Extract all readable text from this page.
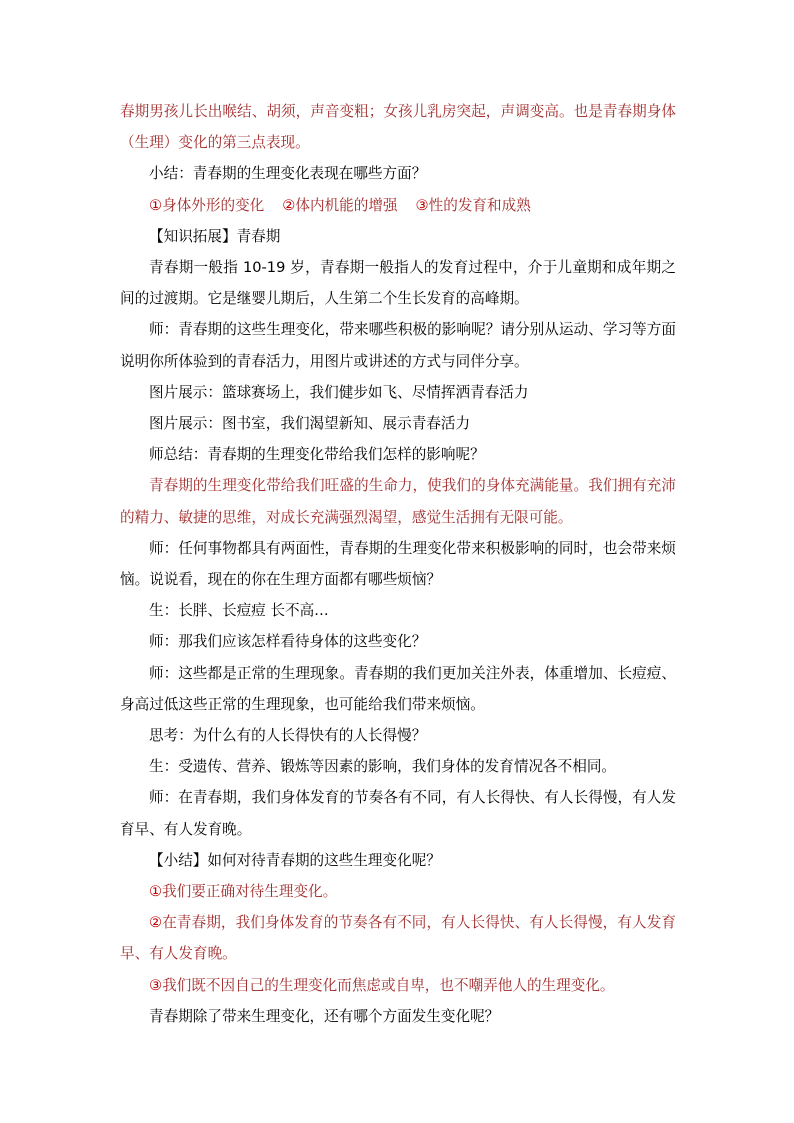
春期男孩儿长出喉结、胡须，声音变粗；女孩儿乳房突起，声调变高。也是青春期身体（生理）变化的第三点表现。

小结：青春期的生理变化表现在哪些方面？

①身体外形的变化 ②体内机能的增强 ③性的发育和成熟

【知识拓展】青春期

青春期一般指 10-19 岁，青春期一般指人的发育过程中，介于儿童期和成年期之间的过渡期。它是继婴儿期后，人生第二个生长发育的高峰期。

师：青春期的这些生理变化，带来哪些积极的影响呢？请分别从运动、学习等方面说明你所体验到的青春活力，用图片或讲述的方式与同伴分享。

图片展示：篮球赛场上，我们健步如飞、尽情挥洒青春活力

图片展示：图书室，我们渴望新知、展示青春活力

师总结：青春期的生理变化带给我们怎样的影响呢？

青春期的生理变化带给我们旺盛的生命力，使我们的身体充满能量。我们拥有充沛的精力、敏捷的思维，对成长充满强烈渴望，感觉生活拥有无限可能。

师：任何事物都具有两面性，青春期的生理变化带来积极影响的同时，也会带来烦恼。说说看，现在的你在生理方面都有哪些烦恼？

生：长胖、长痘痘 长不高…

师：那我们应该怎样看待身体的这些变化？

师：这些都是正常的生理现象。青春期的我们更加关注外表，体重增加、长痘痘、身高过低这些正常的生理现象，也可能给我们带来烦恼。

思考：为什么有的人长得快有的人长得慢？

生：受遗传、营养、锻炼等因素的影响，我们身体的发育情况各不相同。

师：在青春期，我们身体发育的节奏各有不同，有人长得快、有人长得慢，有人发育早、有人发育晚。

【小结】如何对待青春期的这些生理变化呢？

①我们要正确对待生理变化。

②在青春期，我们身体发育的节奏各有不同，有人长得快、有人长得慢，有人发育早、有人发育晚。

③我们既不因自己的生理变化而焦虑或自卑，也不嘲弄他人的生理变化。

青春期除了带来生理变化，还有哪个方面发生变化呢？
